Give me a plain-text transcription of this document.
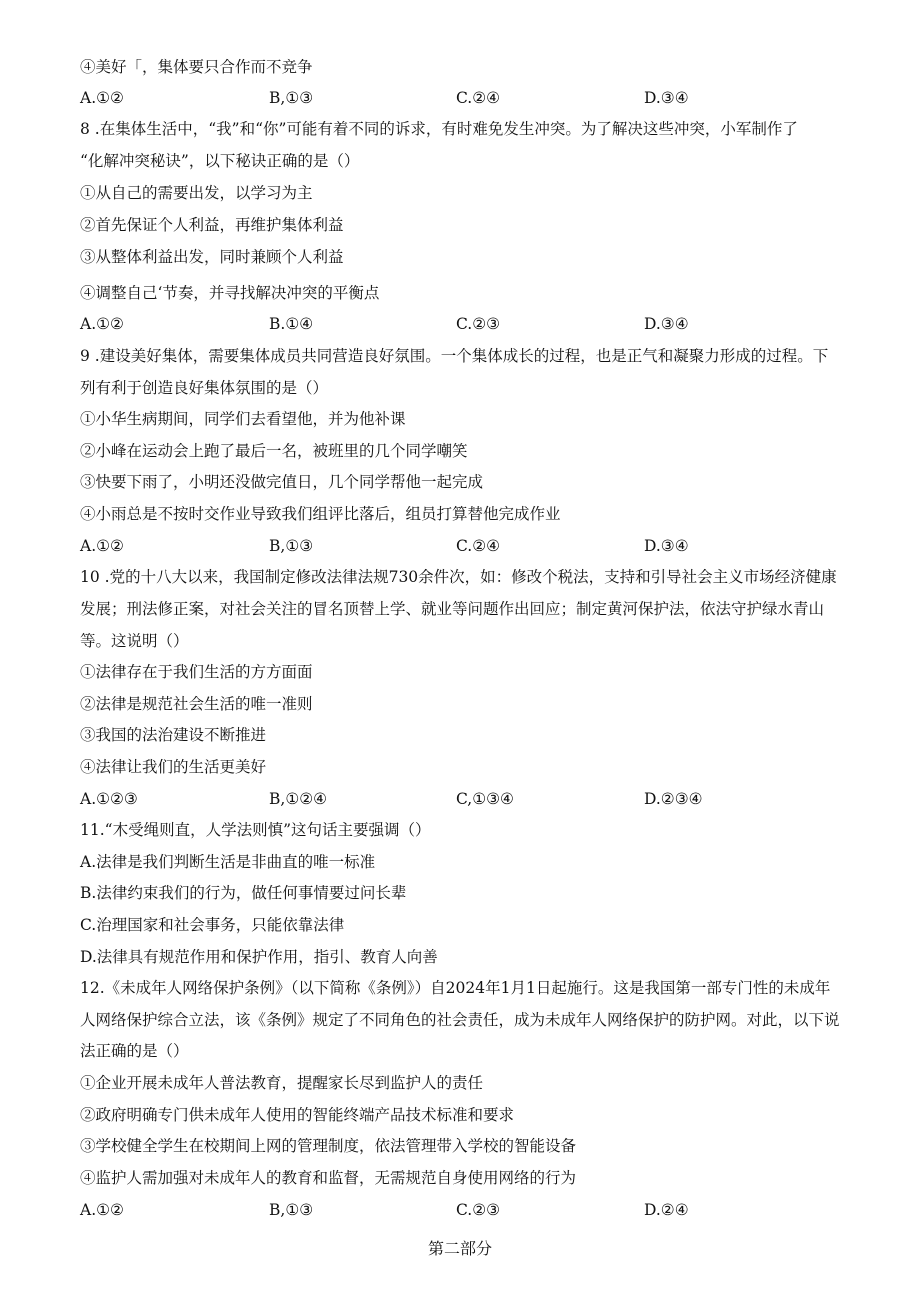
④美好「，集体要只合作而不竞争
A.①②	B,①③	C.②④	D.③④
8 .在集体生活中，“我”和“你”可能有着不同的诉求，有时难免发生冲突。为了解决这些冲突，小军制作了
“化解冲突秘诀”，以下秘诀正确的是（）
①从自己的需要出发，以学习为主
②首先保证个人利益，再维护集体利益
③从整体利益出发，同时兼顾个人利益
④调整自己‘节奏，并寻找解决冲突的平衡点
A.①②	B.①④	C.②③	D.③④
9 .建设美好集体，需要集体成员共同营造良好氛围。一个集体成长的过程，也是正气和凝聚力形成的过程。下
列有利于创造良好集体氛围的是（）
①小华生病期间，同学们去看望他，并为他补课
②小峰在运动会上跑了最后一名，被班里的几个同学嘲笑
③快要下雨了，小明还没做完值日，几个同学帮他一起完成
④小雨总是不按时交作业导致我们组评比落后，组员打算替他完成作业
A.①②	B,①③	C.②④	D.③④
10 .党的十八大以来，我国制定修改法律法规730余件次，如：修改个税法，支持和引导社会主义市场经济健康
发展；刑法修正案，对社会关注的冒名顶替上学、就业等问题作出回应；制定黄河保护法，依法守护绿水青山
等。这说明（）
①法律存在于我们生活的方方面面
②法律是规范社会生活的唯一准则
③我国的法治建设不断推进
④法律让我们的生活更美好
A.①②③	B,①②④	C,①③④	D.②③④
11.“木受绳则直，人学法则慎”这句话主要强调（）
A.法律是我们判断生活是非曲直的唯一标准
B.法律约束我们的行为，做任何事情要过问长辈
C.治理国家和社会事务，只能依靠法律
D.法律具有规范作用和保护作用，指引、教育人向善
12.《未成年人网络保护条例》（以下简称《条例》）自2024年1月1日起施行。这是我国第一部专门性的未成年
人网络保护综合立法，该《条例》规定了不同角色的社会责任，成为未成年人网络保护的防护网。对此，以下说
法正确的是（）
①企业开展未成年人普法教育，提醒家长尽到监护人的责任
②政府明确专门供未成年人使用的智能终端产品技术标准和要求
③学校健全学生在校期间上网的管理制度，依法管理带入学校的智能设备
④监护人需加强对未成年人的教育和监督，无需规范自身使用网络的行为
A.①②	B,①③	C.②③	D.②④
第二部分
